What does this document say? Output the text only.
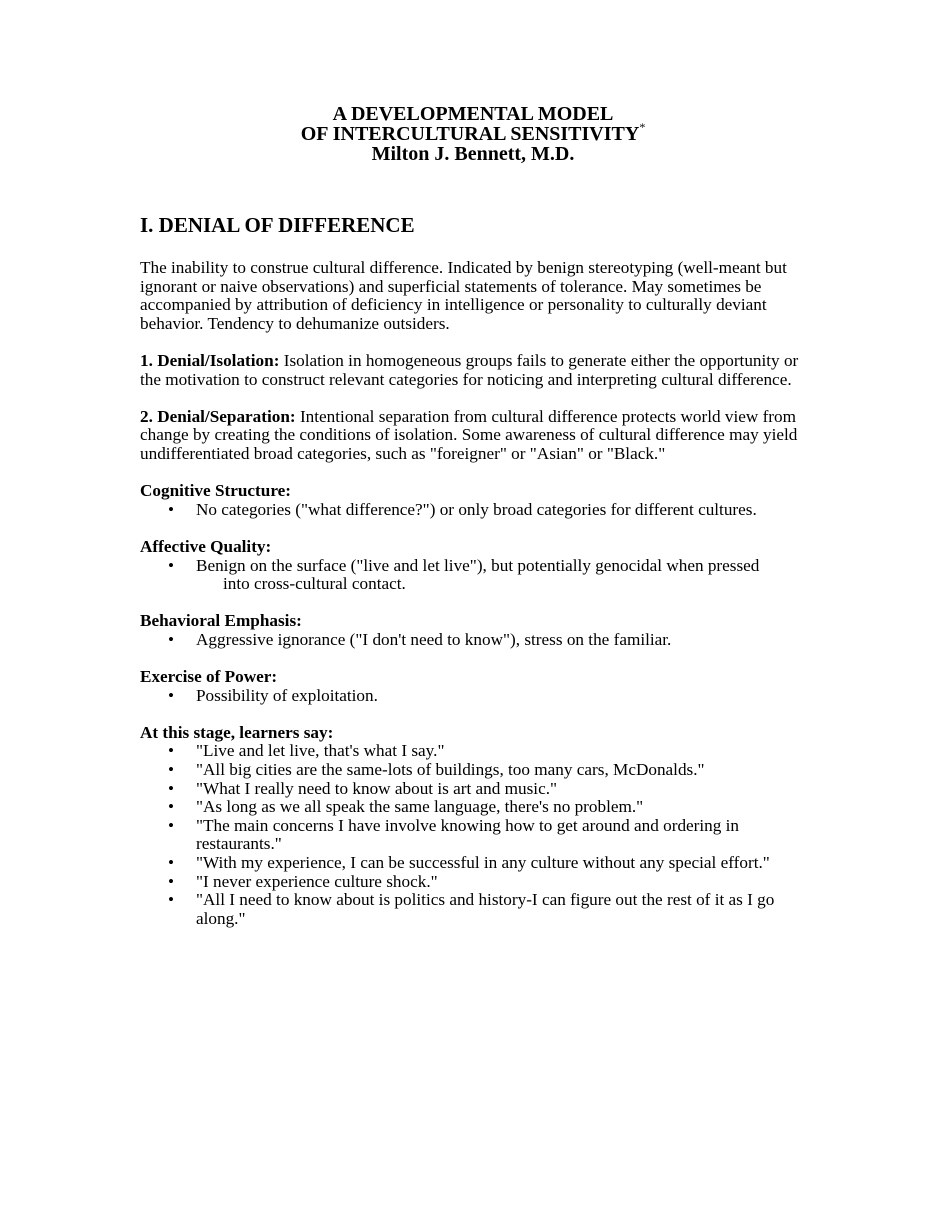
A DEVELOPMENTAL MODEL
OF INTERCULTURAL SENSITIVITY*
Milton J. Bennett, M.D.
I. DENIAL OF DIFFERENCE

The inability to construe cultural difference. Indicated by benign stereotyping (well-meant but ignorant or naive observations) and superficial statements of tolerance. May sometimes be accompanied by attribution of deficiency in intelligence or personality to culturally deviant behavior. Tendency to dehumanize outsiders.

1. Denial/Isolation: Isolation in homogeneous groups fails to generate either the opportunity or the motivation to construct relevant categories for noticing and interpreting cultural difference.

2. Denial/Separation: Intentional separation from cultural difference protects world view from change by creating the conditions of isolation. Some awareness of cultural difference may yield undifferentiated broad categories, such as "foreigner" or "Asian" or "Black."

Cognitive Structure:
• No categories ("what difference?") or only broad categories for different cultures.
Affective Quality:
• Benign on the surface ("live and let live"), but potentially genocidal when pressed
into cross-cultural contact.
Behavioral Emphasis:
• Aggressive ignorance ("I don't need to know"), stress on the familiar.
Exercise of Power:
• Possibility of exploitation.
At this stage, learners say:
• "Live and let live, that's what I say."
• "All big cities are the same-lots of buildings, too many cars, McDonalds."
• "What I really need to know about is art and music."
• "As long as we all speak the same language, there's no problem."
• "The main concerns I have involve knowing how to get around and ordering in restaurants."
• "With my experience, I can be successful in any culture without any special effort."
• "I never experience culture shock."
• "All I need to know about is politics and history-I can figure out the rest of it as I go along."
